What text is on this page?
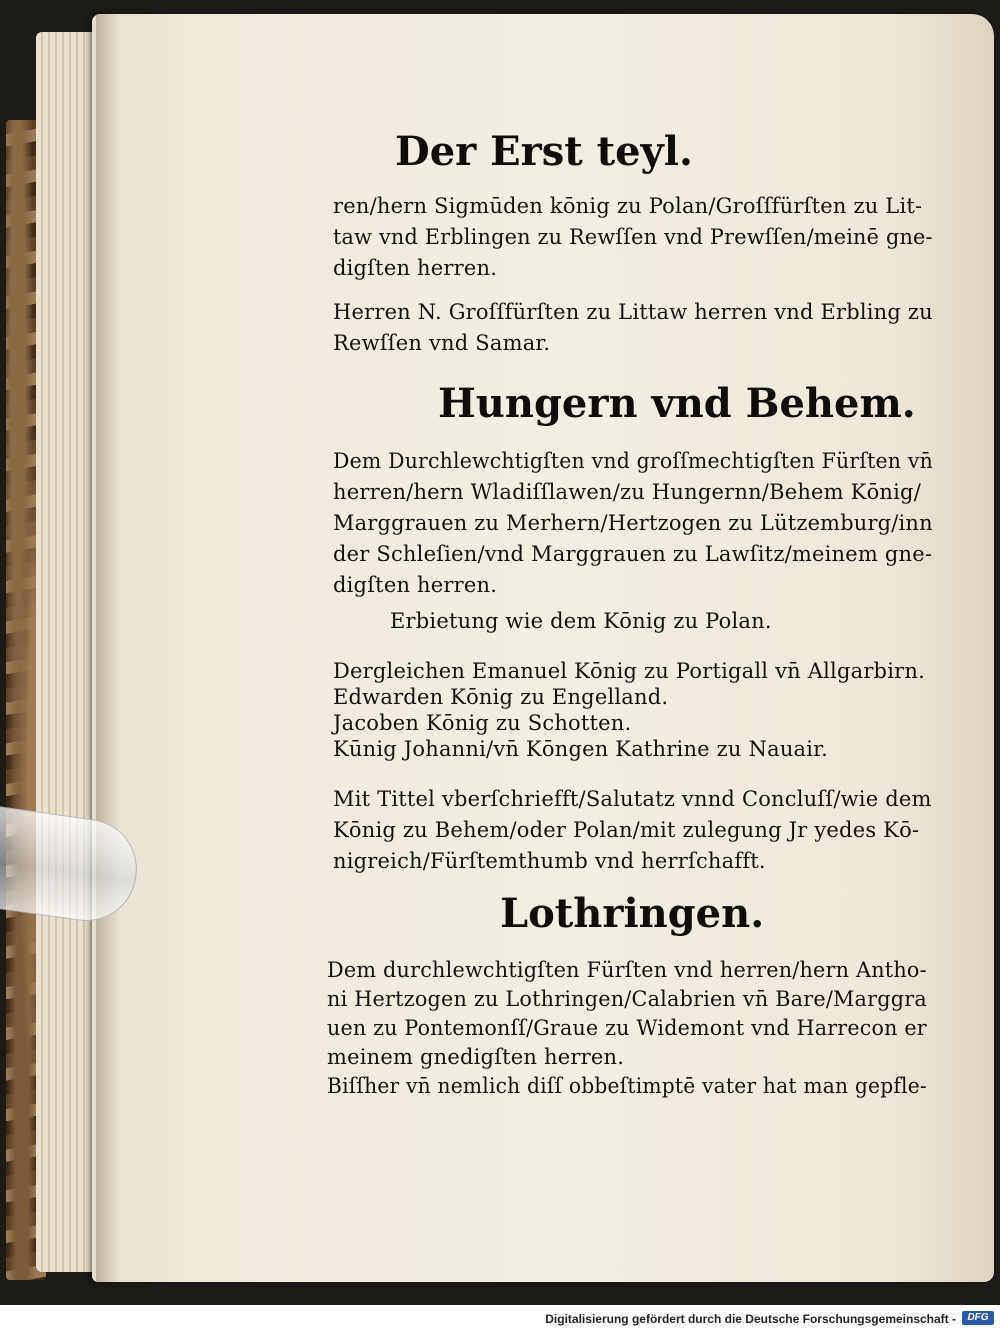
Der Erst teyl.
ren/hern Sigmūden kōnig zu Polan/Groſſfürſten zu Lit-
taw vnd Erblingen zu Rewſſen vnd Prewſſen/meinē gne-
digſten herren.
Herren N. Groſſfürſten zu Littaw herren vnd Erbling zu
Rewſſen vnd Samar.
Hungern vnd Behem.
Dem Durchlewchtigſten vnd groſſmechtigſten Fürſten vn̄
herren/hern Wladiſſlawen/zu Hungernn/Behem Kōnig/
Marggrauen zu Merhern/Hertzogen zu Lützemburg/inn
der Schleſien/vnd Marggrauen zu Lawſitz/meinem gne-
digſten herren.
Erbietung wie dem Kōnig zu Polan.
Dergleichen Emanuel Kōnig zu Portigall vn̄ Allgarbirn.
Edwarden Kōnig zu Engelland.
Jacoben Kōnig zu Schotten.
Kūnig Johanni/vn̄ Kōngen Kathrine zu Nauair.
Mit Tittel vberſchriefft/Salutatz vnnd Concluſſ/wie dem
Kōnig zu Behem/oder Polan/mit zulegung Jr yedes Kō-
nigreich/Fürſtemthumb vnd herrſchafft.
Lothringen.
Dem durchlewchtigſten Fürſten vnd herren/hern Antho-
ni Hertzogen zu Lothringen/Calabrien vn̄ Bare/Marggra
uen zu Pontemonſſ/Graue zu Widemont vnd Harrecon er
meinem gnedigſten herren.
Biſſher vn̄ nemlich diſſ obbeſtimptē vater hat man gepfle-
Digitalisierung gefördert durch die Deutsche Forschungsgemeinschaft -	DFG
